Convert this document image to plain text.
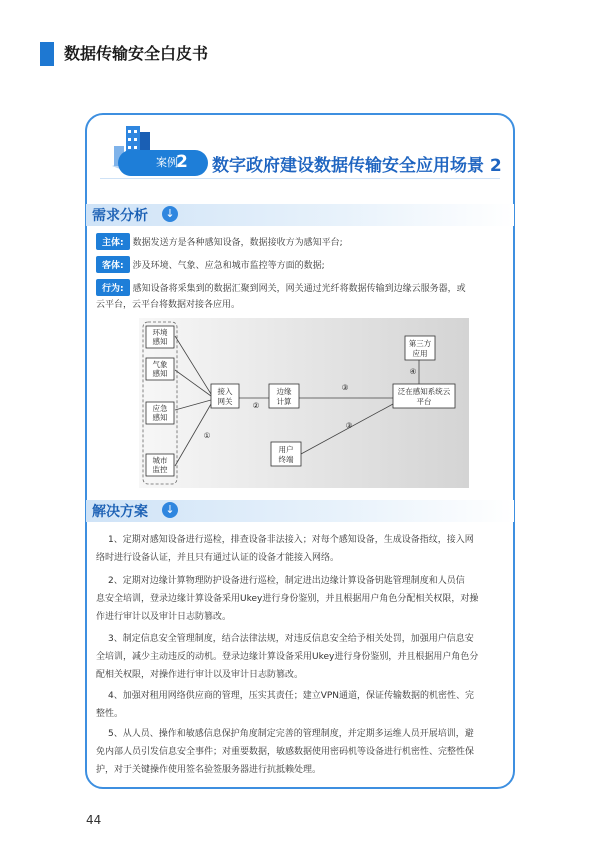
数据传输安全白皮书
案例
2 数字政府建设数据传输安全应用场景 2
需求分析	↓
主体: 数据发送方是各种感知设备，数据接收方为感知平台;
客体: 涉及环境、气象、应急和城市监控等方面的数据;
行为: 感知设备将采集到的数据汇聚到网关，网关通过光纤将数据传输到边缘云服务器，或
云平台，云平台将数据对接各应用。
环境
感知
气象
感知
应急
感知
城市
监控
接入
网关
边缘
计算
第三方
应用
泛在感知系统云
平台
用户
终端
①
②
③
③
④
解决方案	↓
1、定期对感知设备进行巡检，排查设备非法接入；对每个感知设备，生成设备指纹，接入网
络时进行设备认证，并且只有通过认证的设备才能接入网络。
2、定期对边缘计算物理防护设备进行巡检，制定进出边缘计算设备钥匙管理制度和人员信
息安全培训，登录边缘计算设备采用Ukey进行身份鉴别，并且根据用户角色分配相关权限，对操
作进行审计以及审计日志防篡改。
3、制定信息安全管理制度，结合法律法规，对违反信息安全给予相关处罚，加强用户信息安
全培训，减少主动违反的动机。登录边缘计算设备采用Ukey进行身份鉴别，并且根据用户角色分
配相关权限，对操作进行审计以及审计日志防篡改。
4、加强对租用网络供应商的管理，压实其责任；建立VPN通道，保证传输数据的机密性、完
整性。
5、从人员、操作和敏感信息保护角度制定完善的管理制度，并定期多运维人员开展培训，避
免内部人员引发信息安全事件；对重要数据，敏感数据使用密码机等设备进行机密性、完整性保
护，对于关键操作使用签名验签服务器进行抗抵赖处理。
44
